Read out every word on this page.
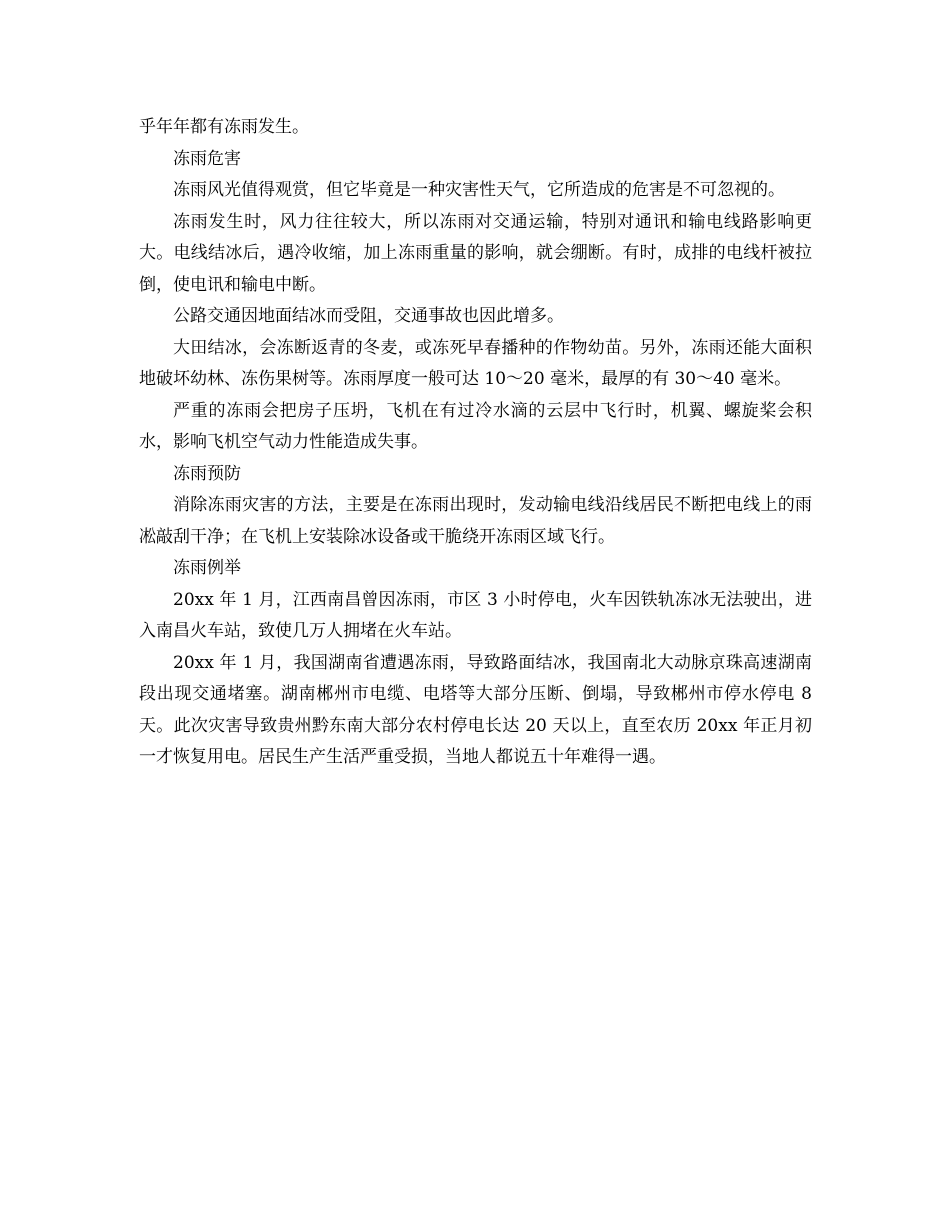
乎年年都有冻雨发生。

冻雨危害

冻雨风光值得观赏，但它毕竟是一种灾害性天气，它所造成的危害是不可忽视的。

冻雨发生时，风力往往较大，所以冻雨对交通运输，特别对通讯和输电线路影响更大。电线结冰后，遇冷收缩，加上冻雨重量的影响，就会绷断。有时，成排的电线杆被拉倒，使电讯和输电中断。

公路交通因地面结冰而受阻，交通事故也因此增多。

大田结冰，会冻断返青的冬麦，或冻死早春播种的作物幼苗。另外，冻雨还能大面积地破坏幼林、冻伤果树等。冻雨厚度一般可达 10～20 毫米，最厚的有 30～40 毫米。

严重的冻雨会把房子压坍，飞机在有过冷水滴的云层中飞行时，机翼、螺旋桨会积水，影响飞机空气动力性能造成失事。

冻雨预防

消除冻雨灾害的方法，主要是在冻雨出现时，发动输电线沿线居民不断把电线上的雨凇敲刮干净；在飞机上安装除冰设备或干脆绕开冻雨区域飞行。

冻雨例举

20xx 年 1 月，江西南昌曾因冻雨，市区 3 小时停电，火车因铁轨冻冰无法驶出，进入南昌火车站，致使几万人拥堵在火车站。

20xx 年 1 月，我国湖南省遭遇冻雨，导致路面结冰，我国南北大动脉京珠高速湖南段出现交通堵塞。湖南郴州市电缆、电塔等大部分压断、倒塌，导致郴州市停水停电 8 天。此次灾害导致贵州黔东南大部分农村停电长达 20 天以上，直至农历 20xx 年正月初一才恢复用电。居民生产生活严重受损，当地人都说五十年难得一遇。
